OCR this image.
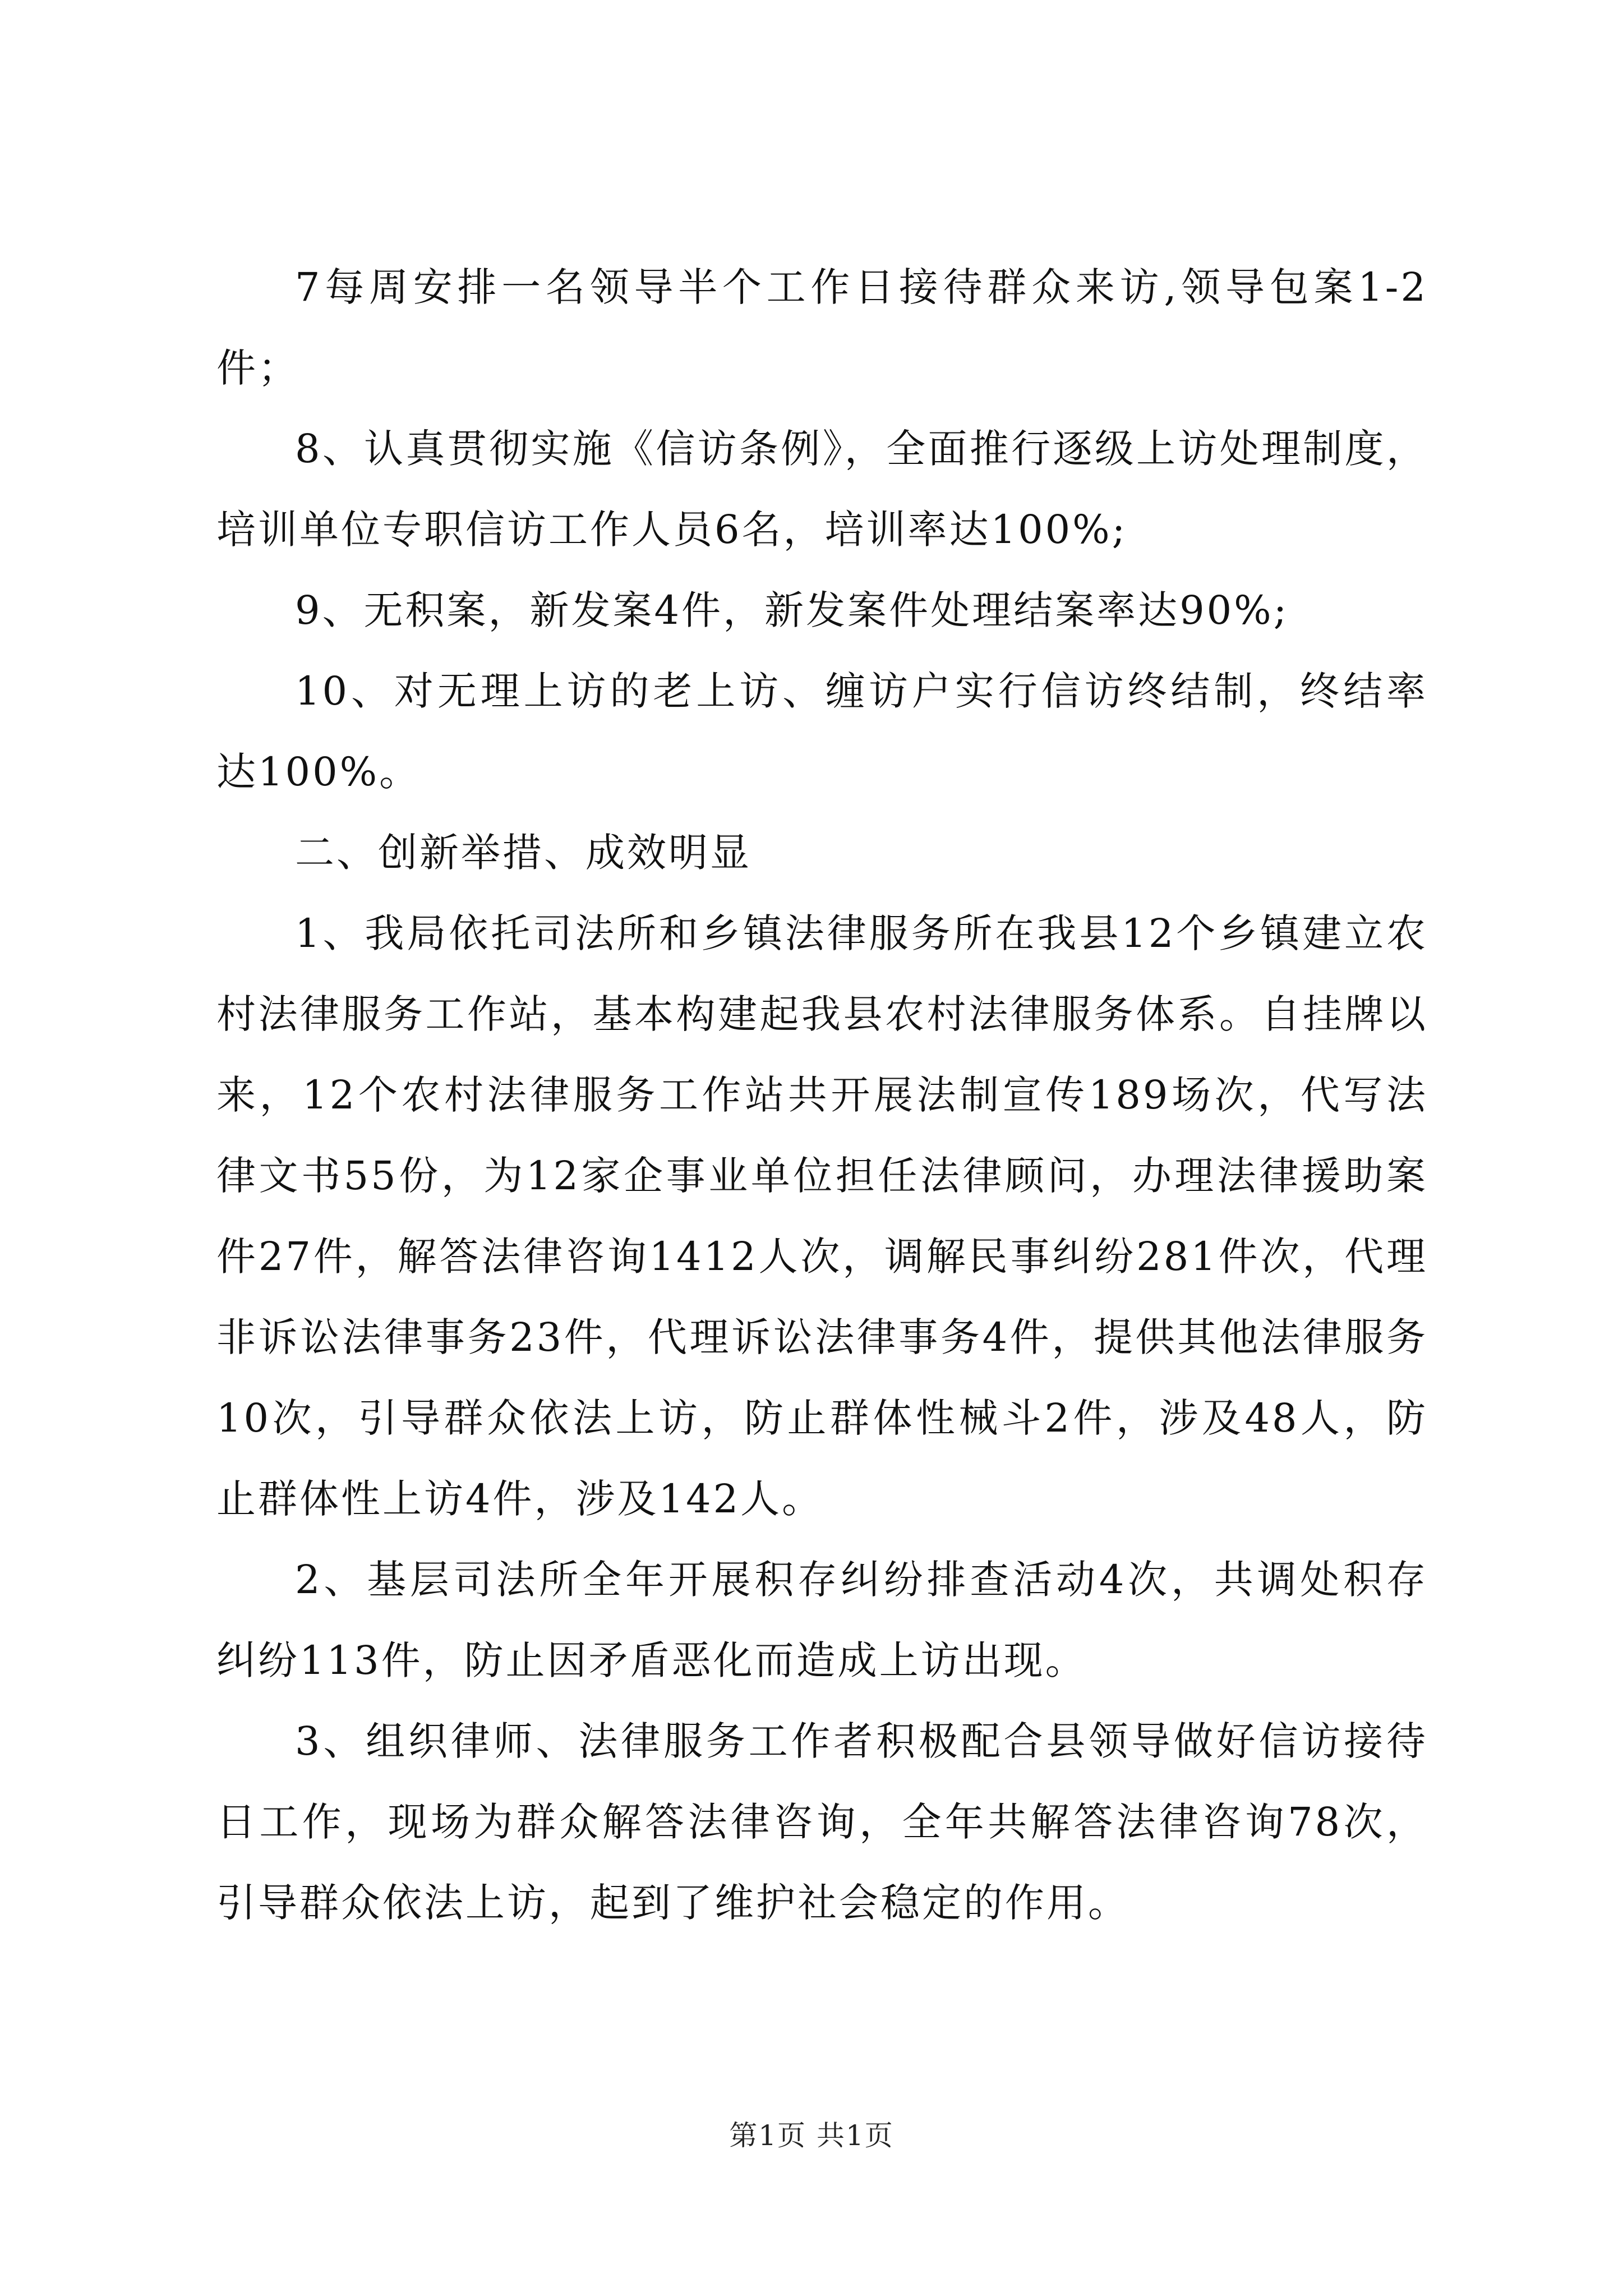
7每周安排一名领导半个工作日接待群众来访,领导包案1-2件；

8、认真贯彻实施《信访条例》，全面推行逐级上访处理制度，培训单位专职信访工作人员6名，培训率达100%;

9、无积案，新发案4件，新发案件处理结案率达90%;

10、对无理上访的老上访、缠访户实行信访终结制，终结率达100%。

二、创新举措、成效明显

1、我局依托司法所和乡镇法律服务所在我县12个乡镇建立农村法律服务工作站，基本构建起我县农村法律服务体系。自挂牌以来，12个农村法律服务工作站共开展法制宣传189场次，代写法律文书55份，为12家企事业单位担任法律顾问，办理法律援助案件27件，解答法律咨询1412人次，调解民事纠纷281件次，代理非诉讼法律事务23件，代理诉讼法律事务4件，提供其他法律服务10次，引导群众依法上访，防止群体性械斗2件，涉及48人，防止群体性上访4件，涉及142人。

2、基层司法所全年开展积存纠纷排查活动4次，共调处积存纠纷113件，防止因矛盾恶化而造成上访出现。

3、组织律师、法律服务工作者积极配合县领导做好信访接待日工作，现场为群众解答法律咨询，全年共解答法律咨询78次，引导群众依法上访，起到了维护社会稳定的作用。

第1页 共1页
